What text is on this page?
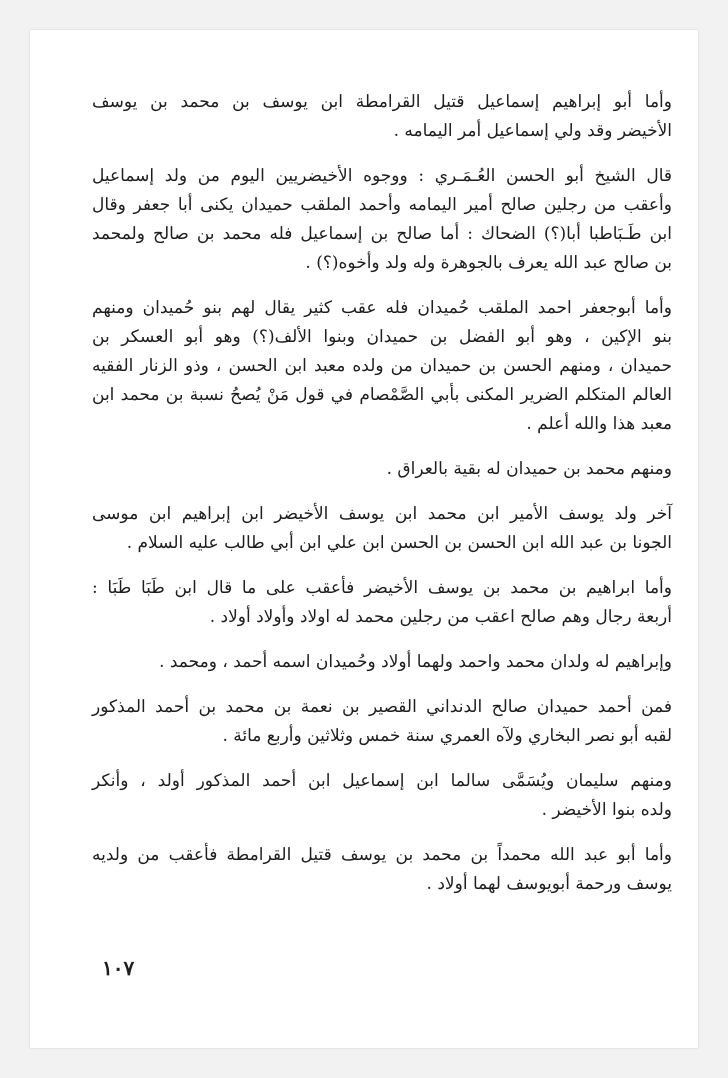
وأما أبو إبراهيم إسماعيل قتيل القرامطة ابن يوسف بن محمد بن يوسف
الأخيضر وقد ولي إسماعيل أمر اليمامه .
قال الشيخ أبو الحسن العُـمَـري : ووجوه الأخيضريين اليوم من ولد إسماعيل
وأعقب من رجلين صالح أمير اليمامه وأحمد الملقب حميدان يكنى أبا جعفر وقال
ابن طَـبَاطبا أبا(؟) الضحاك : أما صالح بن إسماعيل فله محمد بن صالح ولمحمد
بن صالح عبد الله يعرف بالجوهرة وله ولد وأخوه(؟) .
وأما أبوجعفر احمد الملقب حُميدان فله عقب كثير يقال لهم بنو حُميدان ومنهم
بنو الإكين ، وهو أبو الفضل بن حميدان وبنوا الألف(؟) وهو أبو العسكر بن
حميدان ، ومنهم الحسن بن حميدان من ولده معبد ابن الحسن ، وذو الزنار الفقيه
العالم المتكلم الضرير المكنى بأبي الصَّمْصام في قول مَنْ يُصحُ نسبة بن محمد ابن
معبد هذا والله أعلم .
ومنهم محمد بن حميدان له بقية بالعراق .
آخر ولد يوسف الأمير ابن محمد ابن يوسف الأخيضر ابن إبراهيم ابن موسى
الجونا بن عبد الله ابن الحسن بن الحسن ابن علي ابن أبي طالب عليه السلام .
وأما ابراهيم بن محمد بن يوسف الأخيضر فأعقب على ما قال ابن طَبَا طَبَا :
أربعة رجال وهم صالح اعقب من رجلين محمد له اولاد وأولاد أولاد .
وإبراهيم له ولدان محمد واحمد ولهما أولاد وحُميدان اسمه أحمد ، ومحمد .
فمن أحمد حميدان صالح الدنداني القصير بن نعمة بن محمد بن أحمد المذكور
لقبه أبو نصر البخاري ولآه العمري سنة خمس وثلاثين وأربع مائة .
ومنهم سليمان ويُسَمَّى سالما ابن إسماعيل ابن أحمد المذكور أولد ، وأنكر
ولده بنوا الأخيضر .
وأما أبو عبد الله محمداً بن محمد بن يوسف قتيل القرامطة فأعقب من ولديه
يوسف ورحمة أبويوسف لهما أولاد .
١٠٧
